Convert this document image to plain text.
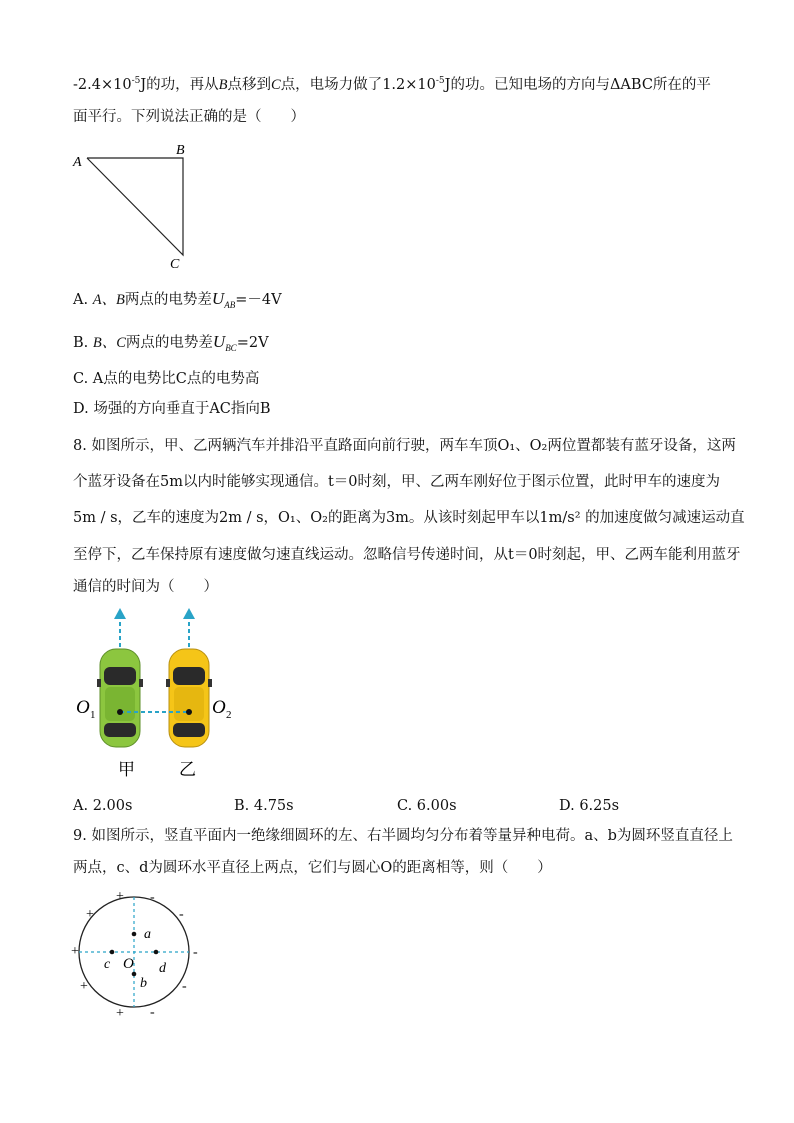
$-2.4\times 10^{-5}J$的功，再从B点移到C点，电场力做了$1.2\times 10^{-5}J$的功。已知电场的方向与ΔABC所在的平
面平行。下列说法正确的是（　　）
A
B
C
A. A、B两点的电势差$U_{AB}=-4V$
B. B、C两点的电势差$U_{BC}=2V$
C. A点的电势比C点的电势高
D. 场强的方向垂直于AC指向B
8. 如图所示，甲、乙两辆汽车并排沿平直路面向前行驶，两车车顶O₁、O₂两位置都装有蓝牙设备，这两
个蓝牙设备在5m以内时能够实现通信。t＝0时刻，甲、乙两车刚好位于图示位置，此时甲车的速度为
5m / s，乙车的速度为2m / s，O₁、O₂的距离为3m。从该时刻起甲车以1m/s² 的加速度做匀减速运动直
至停下，乙车保持原有速度做匀速直线运动。忽略信号传递时间，从t＝0时刻起，甲、乙两车能利用蓝牙
通信的时间为（　　）
O 1	O 2
甲	乙
A. 2.00s	B. 4.75s	C. 6.00s	D. 6.25s
9. 如图所示，竖直平面内一绝缘细圆环的左、右半圆均匀分布着等量异种电荷。a、b为圆环竖直直径上
两点，c、d为圆环水平直径上两点，它们与圆心O的距离相等，则（　　）
a
b
c	d
O
+
+
+
+
+
-
-
-
-
-
